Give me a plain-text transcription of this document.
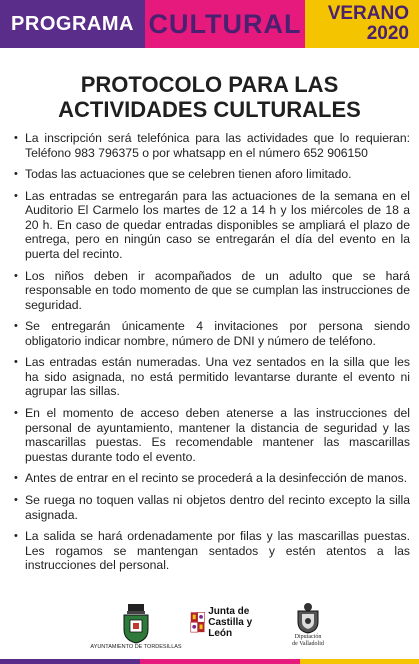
PROGRAMA CULTURAL VERANO
2020
PROTOCOLO PARA LAS
ACTIVIDADES CULTURALES
• La inscripción será telefónica para las actividades que lo requieran: Teléfono 983 796375 o por whatsapp en el número 652 906150
• Todas las actuaciones que se celebren tienen aforo limitado.
• Las entradas se entregarán para las actuaciones de la semana en el Auditorio El Carmelo los martes de 12 a 14 h y los miércoles de 18 a 20 h. En caso de quedar entradas disponibles se ampliará el plazo de entrega, pero en ningún caso se entregarán el día del evento en la puerta del recinto.
• Los niños deben ir acompañados de un adulto que se hará responsable en todo momento de que se cumplan las instrucciones de seguridad.
• Se entregarán únicamente 4 invitaciones por persona siendo obligatorio indicar nombre, número de DNI y número de teléfono.
• Las entradas están numeradas. Una vez sentados en la silla que les ha sido asignada, no está permitido levantarse durante el evento ni agrupar las sillas.
• En el momento de acceso deben atenerse a las instrucciones del personal de ayuntamiento, mantener la distancia de seguridad y las mascarillas puestas. Es recomendable mantener las mascarillas puestas durante todo el evento.
• Antes de entrar en el recinto se procederá a la desinfección de manos.
• Se ruega no toquen vallas ni objetos dentro del recinto excepto la silla asignada.
• La salida se hará ordenadamente por filas y las mascarillas puestas. Les rogamos se mantengan sentados y estén atentos a las instrucciones del personal.
AYUNTAMIENTO DE TORDESILLAS
Junta de
Castilla y León	Diputación
de Valladolid
